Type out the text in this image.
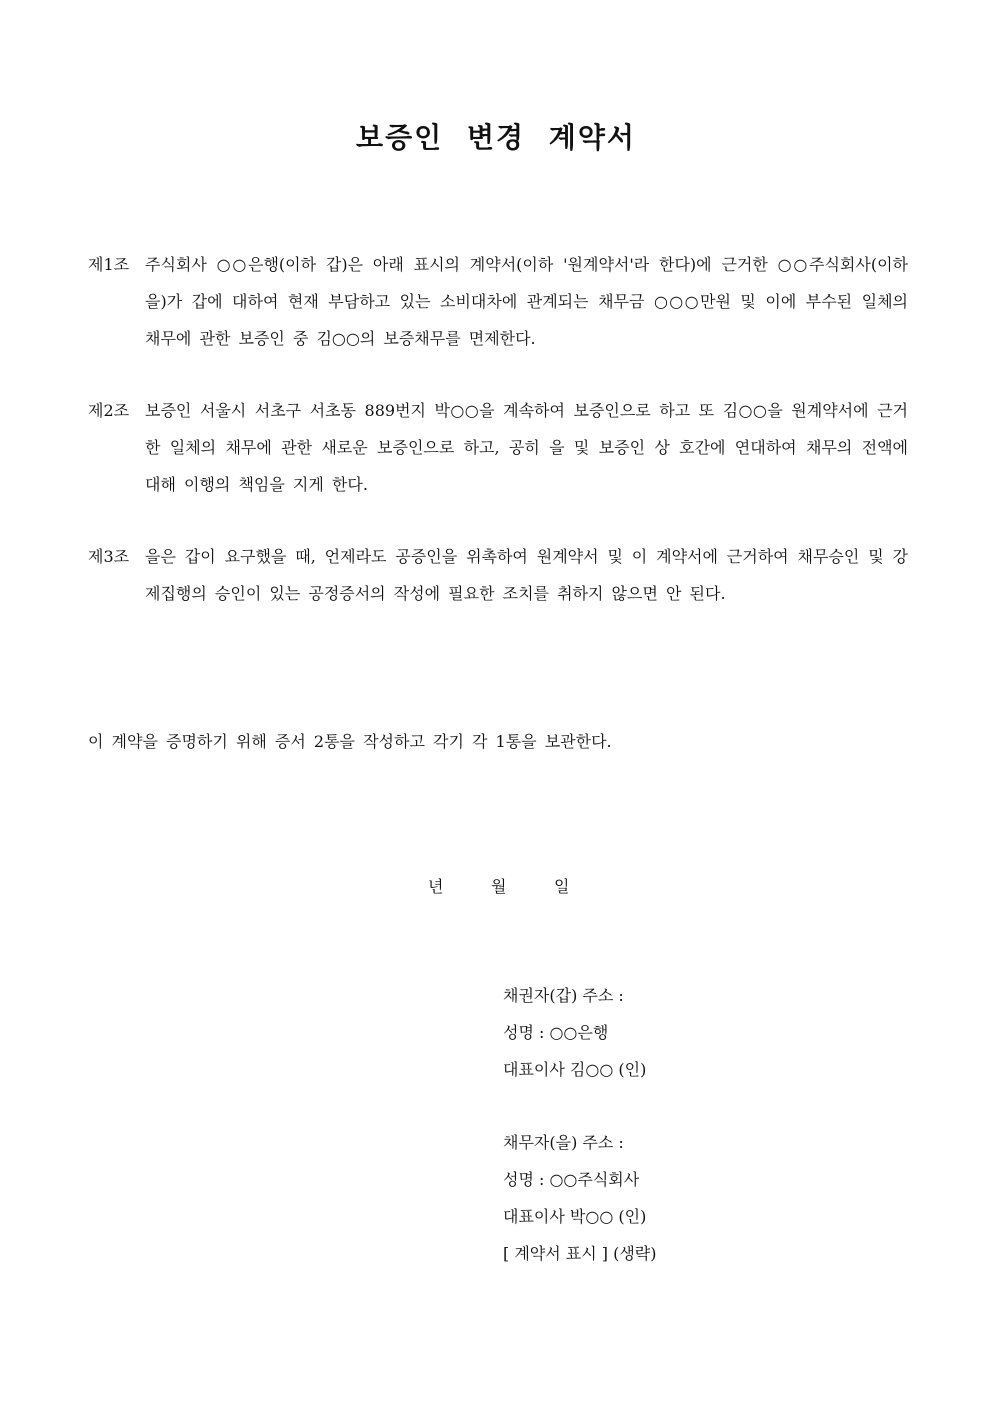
보증인 변경 계약서
제1조 주식회사 ○○은행(이하 갑)은 아래 표시의 계약서(이하 '원계약서'라 한다)에 근거한 ○○주식회사(이하 을)가 갑에 대하여 현재 부담하고 있는 소비대차에 관계되는 채무금 ○○○만원 및 이에 부수된 일체의 채무에 관한 보증인 중 김○○의 보증채무를 면제한다.
제2조 보증인 서울시 서초구 서초동 889번지 박○○을 계속하여 보증인으로 하고 또 김○○을 원계약서에 근거한 일체의 채무에 관한 새로운 보증인으로 하고, 공히 을 및 보증인 상 호간에 연대하여 채무의 전액에 대해 이행의 책임을 지게 한다.
제3조 을은 갑이 요구했을 때, 언제라도 공증인을 위촉하여 원계약서 및 이 계약서에 근거하여 채무승인 및 강제집행의 승인이 있는 공정증서의 작성에 필요한 조치를 취하지 않으면 안 된다.

이 계약을 증명하기 위해 증서 2통을 작성하고 각기 각 1통을 보관한다.

년	월	일
채권자(갑) 주소 :
성명 : ○○은행
대표이사 김○○ (인)
채무자(을) 주소 :
성명 : ○○주식회사
대표이사 박○○ (인)
[ 계약서 표시 ] (생략)
